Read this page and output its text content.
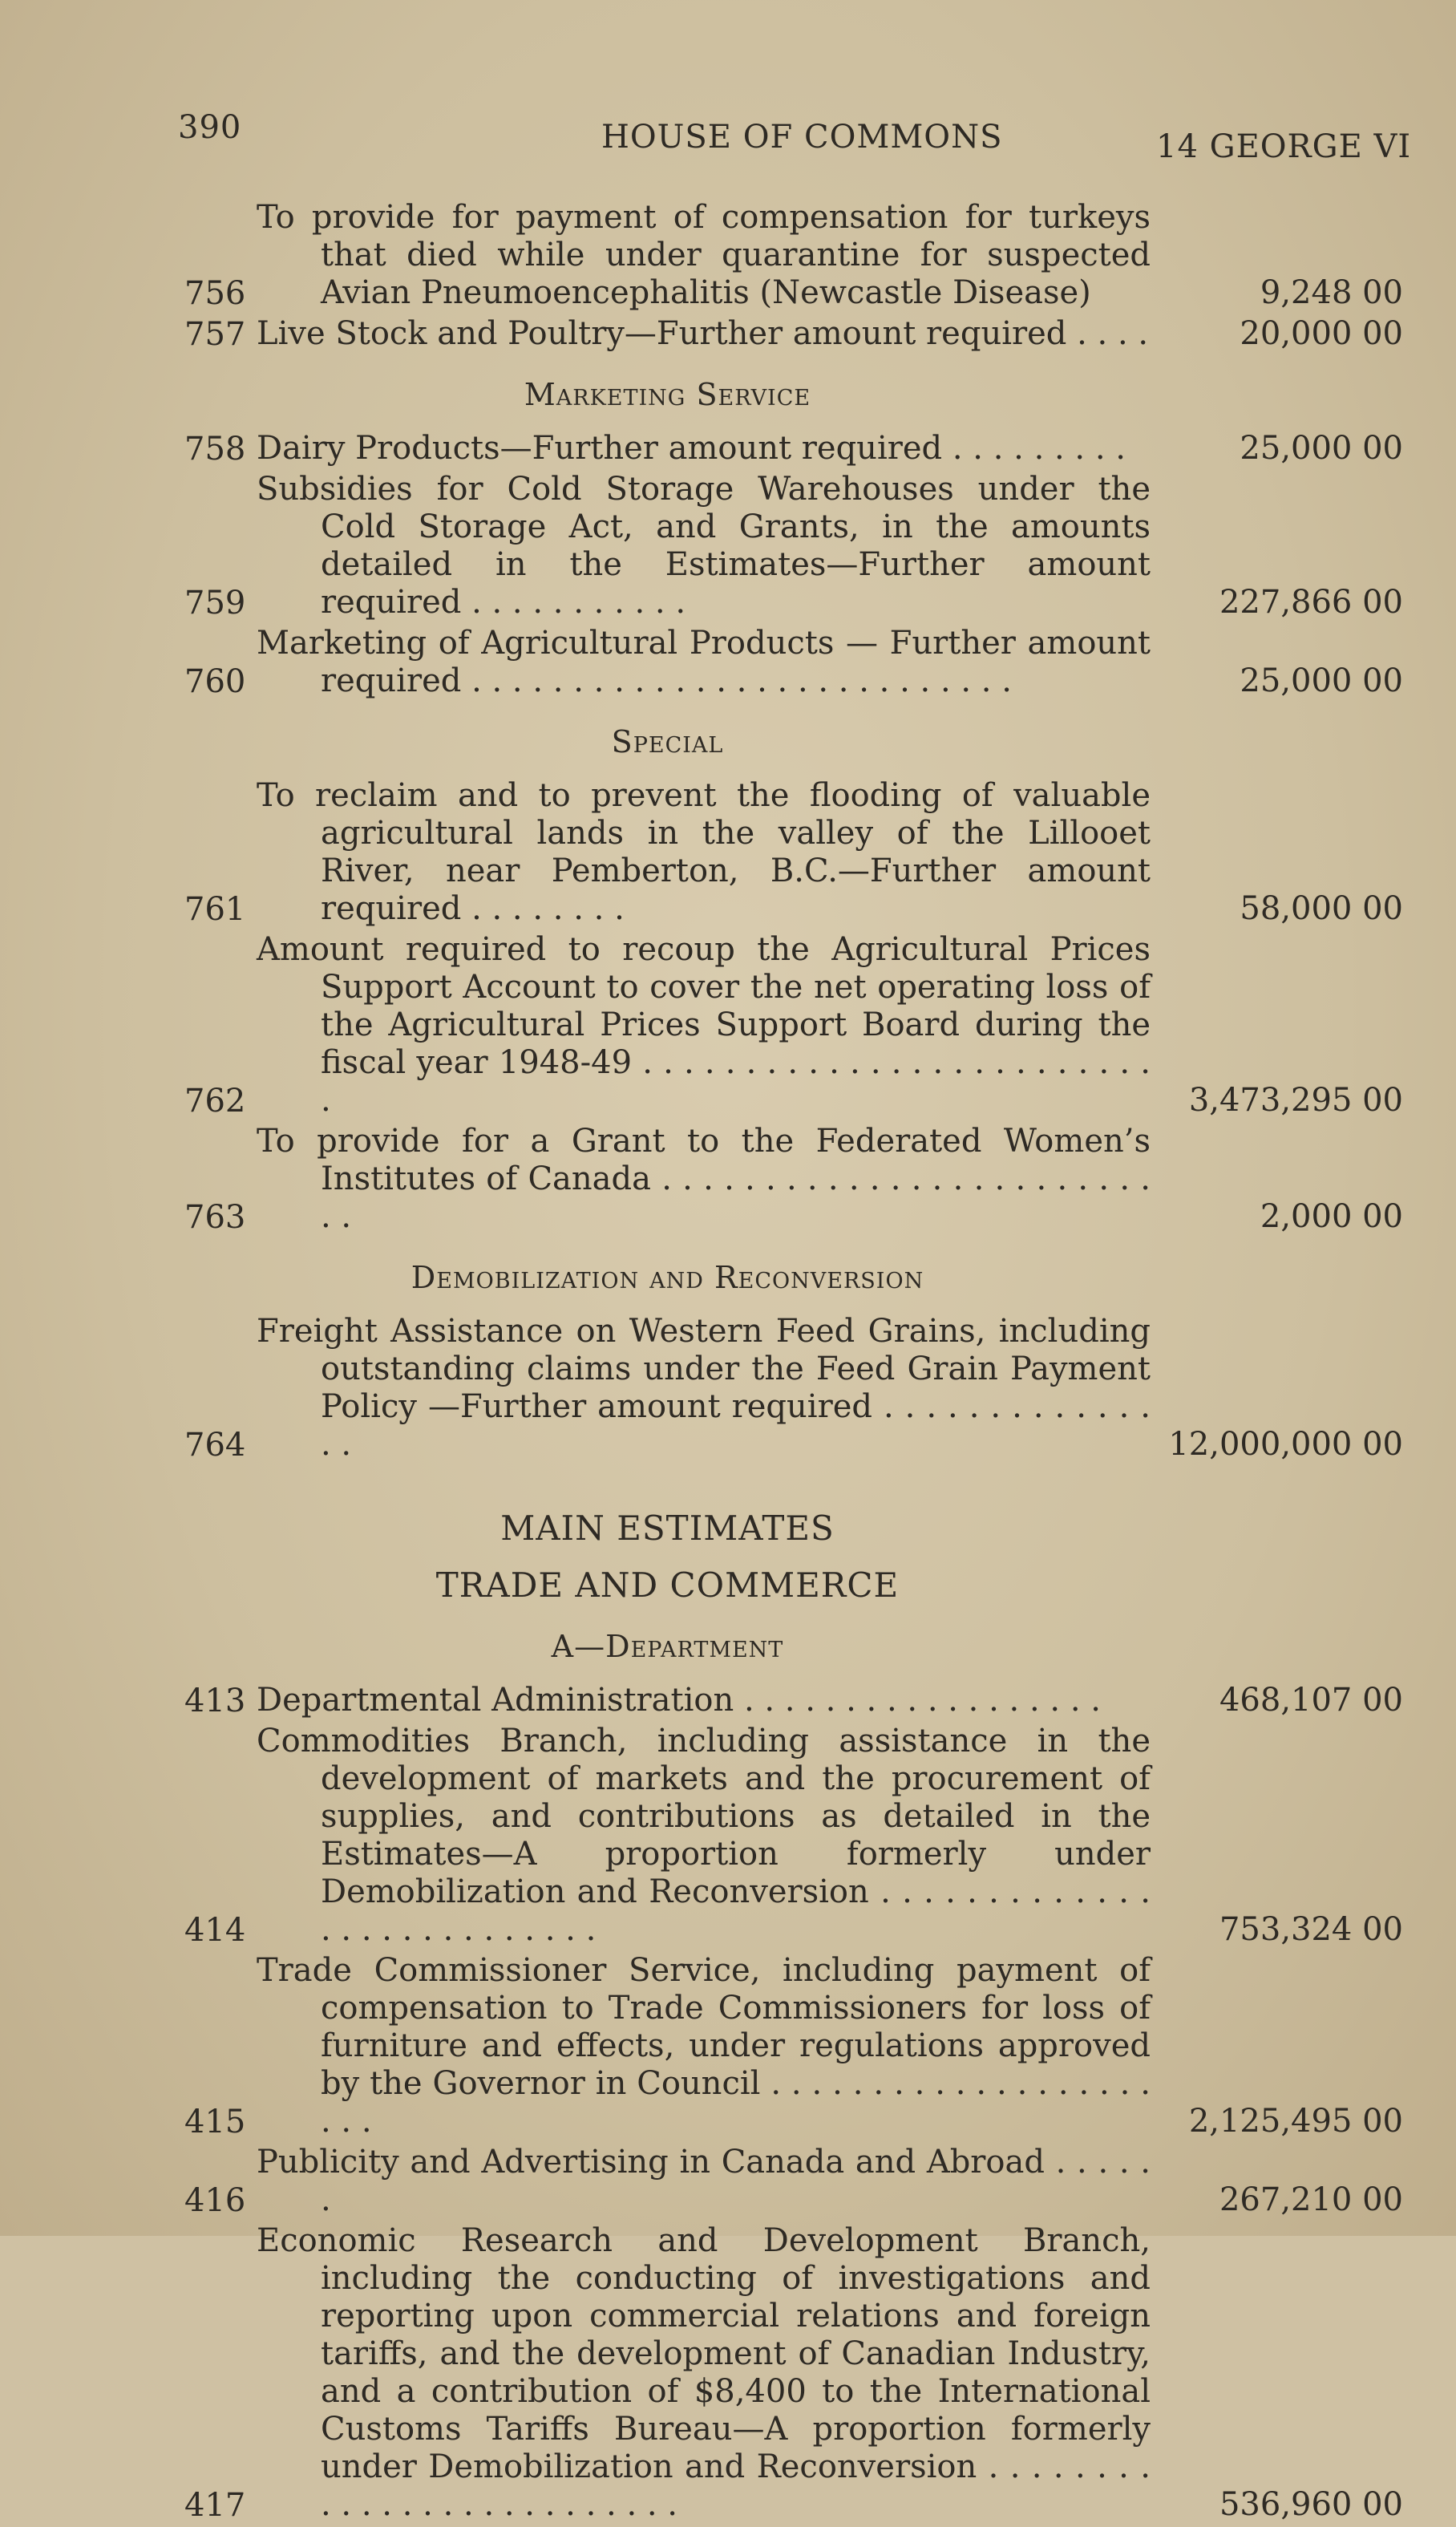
390	HOUSE OF COMMONS	14 GEORGE VI
756
To provide for payment of compensation for turkeys that died while under quarantine for suspected Avian Pneumoencephalitis (Newcastle Disease)	9,248 00
757 Live Stock and Poultry—Further amount required . . . .	20,000 00
Marketing Service
758 Dairy Products—Further amount required . . . . . . . . .	25,000 00
759
Subsidies for Cold Storage Warehouses under the Cold Storage Act, and Grants, in the amounts detailed in the Estimates—Further amount required . . . . . . . . . . .	227,866 00
760
Marketing of Agricultural Products — Further amount required . . . . . . . . . . . . . . . . . . . . . . . . . . .	25,000 00
Special
761
To reclaim and to prevent the flooding of valuable agricultural lands in the valley of the Lillooet River, near Pemberton, B.C.—Further amount required . . . . . . . .	58,000 00
762
Amount required to recoup the Agricultural Prices Support Account to cover the net operating loss of the Agricultural Prices Support Board during the fiscal year 1948-49 . . . . . . . . . . . . . . . . . . . . . . . . . .	3,473,295 00
763
To provide for a Grant to the Federated Women’s Institutes of Canada . . . . . . . . . . . . . . . . . . . . . . . . . .	2,000 00
Demobilization and Reconversion
764
Freight Assistance on Western Feed Grains, including outstanding claims under the Feed Grain Payment Policy —Further amount required . . . . . . . . . . . . . . .	12,000,000 00
MAIN ESTIMATES
TRADE AND COMMERCE
A—Department
413 Departmental Administration . . . . . . . . . . . . . . . . . .	468,107 00
414
Commodities Branch, including assistance in the development of markets and the procurement of supplies, and contributions as detailed in the Estimates—A proportion formerly under Demobilization and Reconversion . . . . . . . . . . . . . . . . . . . . . . . . . . .	753,324 00
415
Trade Commissioner Service, including payment of compensation to Trade Commissioners for loss of furniture and effects, under regulations approved by the Governor in Council . . . . . . . . . . . . . . . . . . . . . .	2,125,495 00
416
Publicity and Advertising in Canada and Abroad . . . . . .	267,210 00
417
Economic Research and Development Branch, including the conducting of investigations and reporting upon commercial relations and foreign tariffs, and the development of Canadian Industry, and a contribution of $8,400 to the International Customs Tariffs Bureau—A proportion formerly under Demobilization and Reconversion . . . . . . . . . . . . . . . . . . . . . . . . . .	536,960 00
